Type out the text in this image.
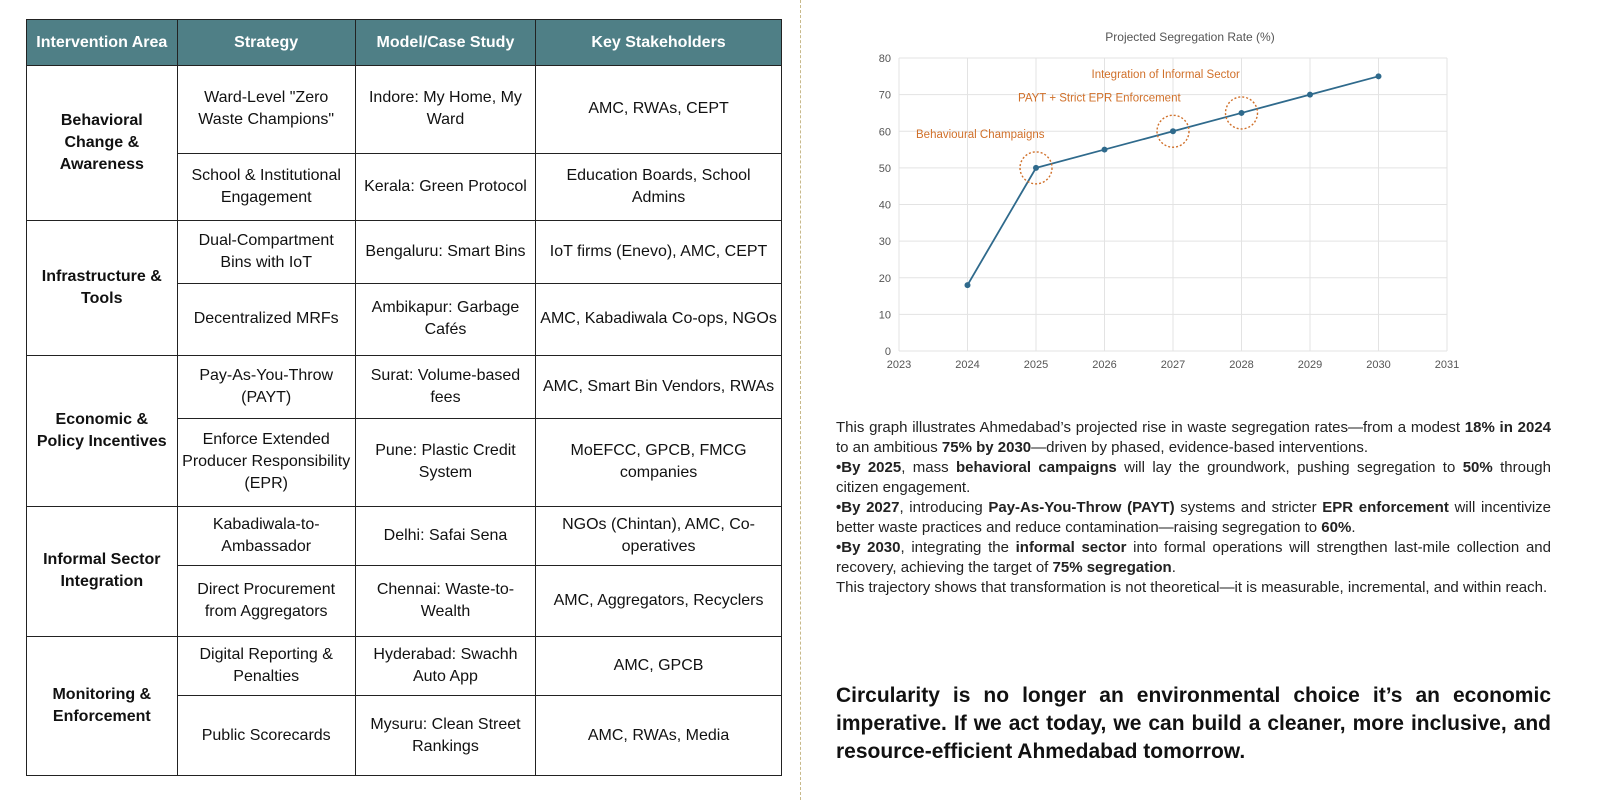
Intervention Area	Strategy	Model/Case Study	Key Stakeholders
Behavioral Change & Awareness	Ward-Level "Zero Waste Champions"	Indore: My Home, My Ward	AMC, RWAs, CEPT
	School & Institutional Engagement	Kerala: Green Protocol	Education Boards, School Admins
Infrastructure & Tools	Dual-Compartment Bins with IoT	Bengaluru: Smart Bins	IoT firms (Enevo), AMC, CEPT
	Decentralized MRFs	Ambikapur: Garbage Cafés	AMC, Kabadiwala Co-ops, NGOs
Economic & Policy Incentives	Pay-As-You-Throw (PAYT)	Surat: Volume-based fees	AMC, Smart Bin Vendors, RWAs
	Enforce Extended Producer Responsibility (EPR)	Pune: Plastic Credit System	MoEFCC, GPCB, FMCG companies
Informal Sector Integration	Kabadiwala-to-Ambassador	Delhi: Safai Sena	NGOs (Chintan), AMC, Co-operatives
	Direct Procurement from Aggregators	Chennai: Waste-to-Wealth	AMC, Aggregators, Recyclers
Monitoring & Enforcement	Digital Reporting & Penalties	Hyderabad: Swachh Auto App	AMC, GPCB
	Public Scorecards	Mysuru: Clean Street Rankings	AMC, RWAs, Media
Projected Segregation Rate (%)
0
10
20
30
40
50
60
70
80
2023	2024	2025	2026	2027	2028	2029	2030	2031
Behavioural Champaigns
PAYT + Strict EPR Enforcement
Integration of Informal Sector

This graph illustrates Ahmedabad’s projected rise in waste segregation rates—from a modest 18% in 2024 to an ambitious 75% by 2030—driven by phased, evidence-based interventions.

•By 2025, mass behavioral campaigns will lay the groundwork, pushing segregation to 50% through citizen engagement.

•By 2027, introducing Pay-As-You-Throw (PAYT) systems and stricter EPR enforcement will incentivize better waste practices and reduce contamination—raising segregation to 60%.

•By 2030, integrating the informal sector into formal operations will strengthen last-mile collection and recovery, achieving the target of 75% segregation.

This trajectory shows that transformation is not theoretical—it is measurable, incremental, and within reach.

Circularity is no longer an environmental choice it’s an economic imperative. If we act today, we can build a cleaner, more inclusive, and resource-efficient Ahmedabad tomorrow.
